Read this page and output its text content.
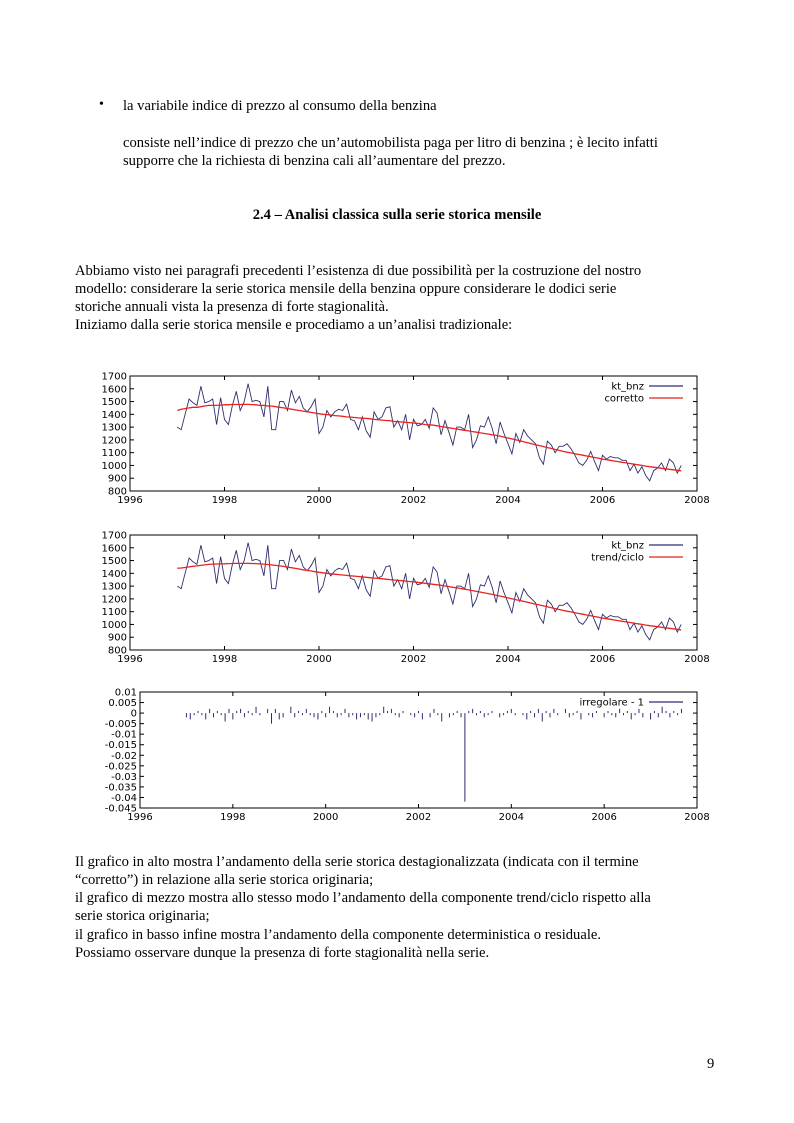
• la variabile indice di prezzo al consumo della benzina
consiste nell’indice di prezzo che un’automobilista paga per litro di benzina ; è lecito infatti
supporre che la richiesta di benzina cali all’aumentare del prezzo.
2.4 – Analisi classica sulla serie storica mensile
Abbiamo visto nei paragrafi precedenti l’esistenza di due possibilità per la costruzione del nostro
modello: considerare la serie storica mensile della benzina oppure considerare le dodici serie
storiche annuali vista la presenza di forte stagionalità.
Iniziamo dalla serie storica mensile e procediamo a un’analisi tradizionale:
1996	1998	2000	2002	2004	2006	2008
800
900
1000
1100
1200
1300
1400
1500
1600
1700
kt_bnz
corretto
1996	1998	2000	2002	2004	2006	2008
800
900
1000
1100
1200
1300
1400
1500
1600
1700
kt_bnz
trend/ciclo
1996	1998	2000	2002	2004	2006	2008
0.01
0.005
0
-0.005
-0.01
-0.015
-0.02
-0.025
-0.03
-0.035
-0.04
-0.045
irregolare - 1
Il grafico in alto mostra l’andamento della serie storica destagionalizzata (indicata con il termine
“corretto”) in relazione alla serie storica originaria;
il grafico di mezzo mostra allo stesso modo l’andamento della componente trend/ciclo rispetto alla
serie storica originaria;
il grafico in basso infine mostra l’andamento della componente deterministica o residuale.
Possiamo osservare dunque la presenza di forte stagionalità nella serie.
9
